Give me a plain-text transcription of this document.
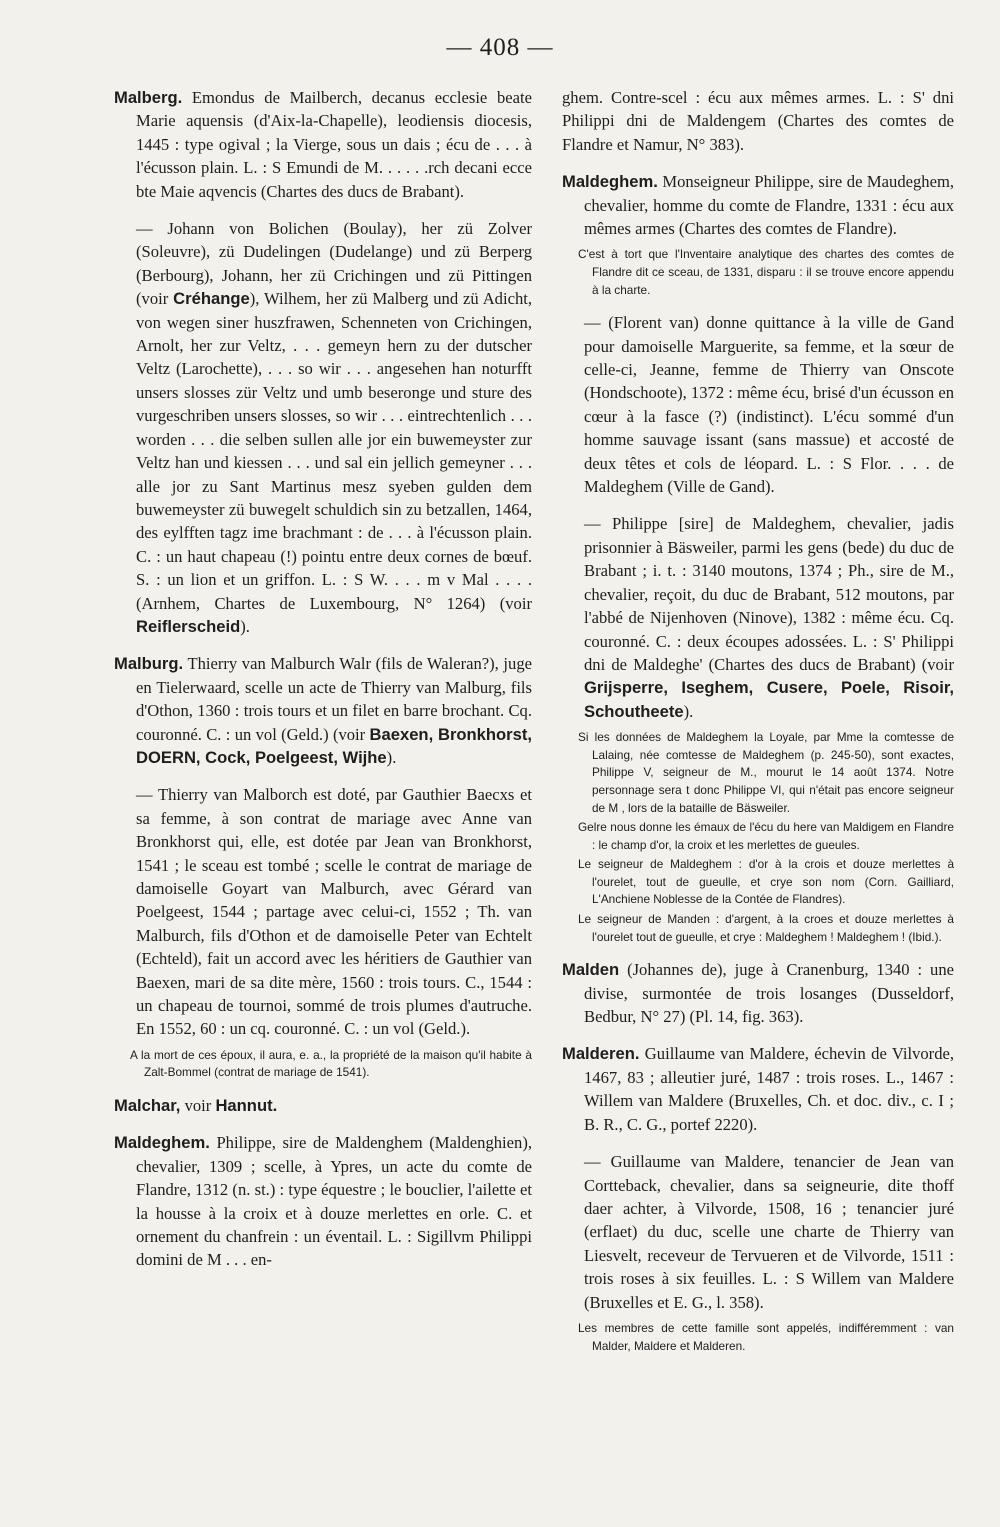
— 408 —

Malberg. Emondus de Mailberch, decanus ecclesie beate Marie aquensis (d'Aix-la-Chapelle), leodiensis diocesis, 1445 : type ogival ; la Vierge, sous un dais ; écu de . . . à l'écusson plain. L. : S Emundi de M. . . . . .rch decani ecce bte Maie aqvencis (Chartes des ducs de Brabant).

— Johann von Bolichen (Boulay), her zü Zolver (Soleuvre), zü Dudelingen (Dudelange) und zü Berperg (Berbourg), Johann, her zü Crichingen und zü Pittingen (voir Créhange), Wilhem, her zü Malberg und zü Adicht, von wegen siner huszfrawen, Schenneten von Crichingen, Arnolt, her zur Veltz, . . . gemeyn hern zu der dutscher Veltz (Larochette), . . . so wir . . . angesehen han noturfft unsers slosses zür Veltz und umb beseronge und sture des vurgeschriben unsers slosses, so wir . . . eintrechtenlich . . . worden . . . die selben sullen alle jor ein buwemeyster zur Veltz han und kiessen . . . und sal ein jellich gemeyner . . . alle jor zu Sant Martinus mesz syeben gulden dem buwemeyster zü buwegelt schuldich sin zu betzallen, 1464, des eylfften tagz ime brachmant : de . . . à l'écusson plain. C. : un haut chapeau (!) pointu entre deux cornes de bœuf. S. : un lion et un griffon. L. : S W. . . . m v Mal . . . . (Arnhem, Chartes de Luxembourg, N° 1264) (voir Reiflerscheid).

Malburg. Thierry van Malburch Walr (fils de Waleran?), juge en Tielerwaard, scelle un acte de Thierry van Malburg, fils d'Othon, 1360 : trois tours et un filet en barre brochant. Cq. couronné. C. : un vol (Geld.) (voir Baexen, Bronkhorst, DOERN, Cock, Poelgeest, Wijhe).

— Thierry van Malborch est doté, par Gauthier Baecxs et sa femme, à son contrat de mariage avec Anne van Bronkhorst qui, elle, est dotée par Jean van Bronkhorst, 1541 ; le sceau est tombé ; scelle le contrat de mariage de damoiselle Goyart van Malburch, avec Gérard van Poelgeest, 1544 ; partage avec celui-ci, 1552 ; Th. van Malburch, fils d'Othon et de damoiselle Peter van Echtelt (Echteld), fait un accord avec les héritiers de Gauthier van Baexen, mari de sa dite mère, 1560 : trois tours. C., 1544 : un chapeau de tournoi, sommé de trois plumes d'autruche. En 1552, 60 : un cq. couronné. C. : un vol (Geld.).

A la mort de ces époux, il aura, e. a., la propriété de la maison qu'il habite à Zalt-Bommel (contrat de mariage de 1541).

Malchar, voir Hannut.

Maldeghem. Philippe, sire de Maldenghem (Maldenghien), chevalier, 1309 ; scelle, à Ypres, un acte du comte de Flandre, 1312 (n. st.) : type équestre ; le bouclier, l'ailette et la housse à la croix et à douze merlettes en orle. C. et ornement du chanfrein : un éventail. L. : Sigillvm Philippi domini de M . . . en-

ghem. Contre-scel : écu aux mêmes armes. L. : S' dni Philippi dni de Maldengem (Chartes des comtes de Flandre et Namur, N° 383).

Maldeghem. Monseigneur Philippe, sire de Maudeghem, chevalier, homme du comte de Flandre, 1331 : écu aux mêmes armes (Chartes des comtes de Flandre).

C'est à tort que l'Inventaire analytique des chartes des comtes de Flandre dit ce sceau, de 1331, disparu : il se trouve encore appendu à la charte.

— (Florent van) donne quittance à la ville de Gand pour damoiselle Marguerite, sa femme, et la sœur de celle-ci, Jeanne, femme de Thierry van Onscote (Hondschoote), 1372 : même écu, brisé d'un écusson en cœur à la fasce (?) (indistinct). L'écu sommé d'un homme sauvage issant (sans massue) et accosté de deux têtes et cols de léopard. L. : S Flor. . . . de Maldeghem (Ville de Gand).

— Philippe [sire] de Maldeghem, chevalier, jadis prisonnier à Bäsweiler, parmi les gens (bede) du duc de Brabant ; i. t. : 3140 moutons, 1374 ; Ph., sire de M., chevalier, reçoit, du duc de Brabant, 512 moutons, par l'abbé de Nijenhoven (Ninove), 1382 : même écu. Cq. couronné. C. : deux écoupes adossées. L. : S' Philippi dni de Maldeghe' (Chartes des ducs de Brabant) (voir Grijsperre, Iseghem, Cusere, Poele, Risoir, Schoutheete).

Si les données de Maldeghem la Loyale, par Mme la comtesse de Lalaing, née comtesse de Maldeghem (p. 245-50), sont exactes, Philippe V, seigneur de M., mourut le 14 août 1374. Notre personnage sera t donc Philippe VI, qui n'était pas encore seigneur de M , lors de la bataille de Bäsweiler.

Gelre nous donne les émaux de l'écu du here van Maldigem en Flandre : le champ d'or, la croix et les merlettes de gueules.

Le seigneur de Maldeghem : d'or à la crois et douze merlettes à l'ourelet, tout de gueulle, et crye son nom (Corn. Gailliard, L'Anchiene Noblesse de la Contée de Flandres).

Le seigneur de Manden : d'argent, à la croes et douze merlettes à l'ourelet tout de gueulle, et crye : Maldeghem ! Maldeghem ! (Ibid.).

Malden (Johannes de), juge à Cranenburg, 1340 : une divise, surmontée de trois losanges (Dusseldorf, Bedbur, N° 27) (Pl. 14, fig. 363).

Malderen. Guillaume van Maldere, échevin de Vilvorde, 1467, 83 ; alleutier juré, 1487 : trois roses. L., 1467 : Willem van Maldere (Bruxelles, Ch. et doc. div., c. I ; B. R., C. G., portef 2220).

— Guillaume van Maldere, tenancier de Jean van Cortteback, chevalier, dans sa seigneurie, dite thoff daer achter, à Vilvorde, 1508, 16 ; tenancier juré (erflaet) du duc, scelle une charte de Thierry van Liesvelt, receveur de Tervueren et de Vilvorde, 1511 : trois roses à six feuilles. L. : S Willem van Maldere (Bruxelles et E. G., l. 358).

Les membres de cette famille sont appelés, indifféremment : van Malder, Maldere et Malderen.
